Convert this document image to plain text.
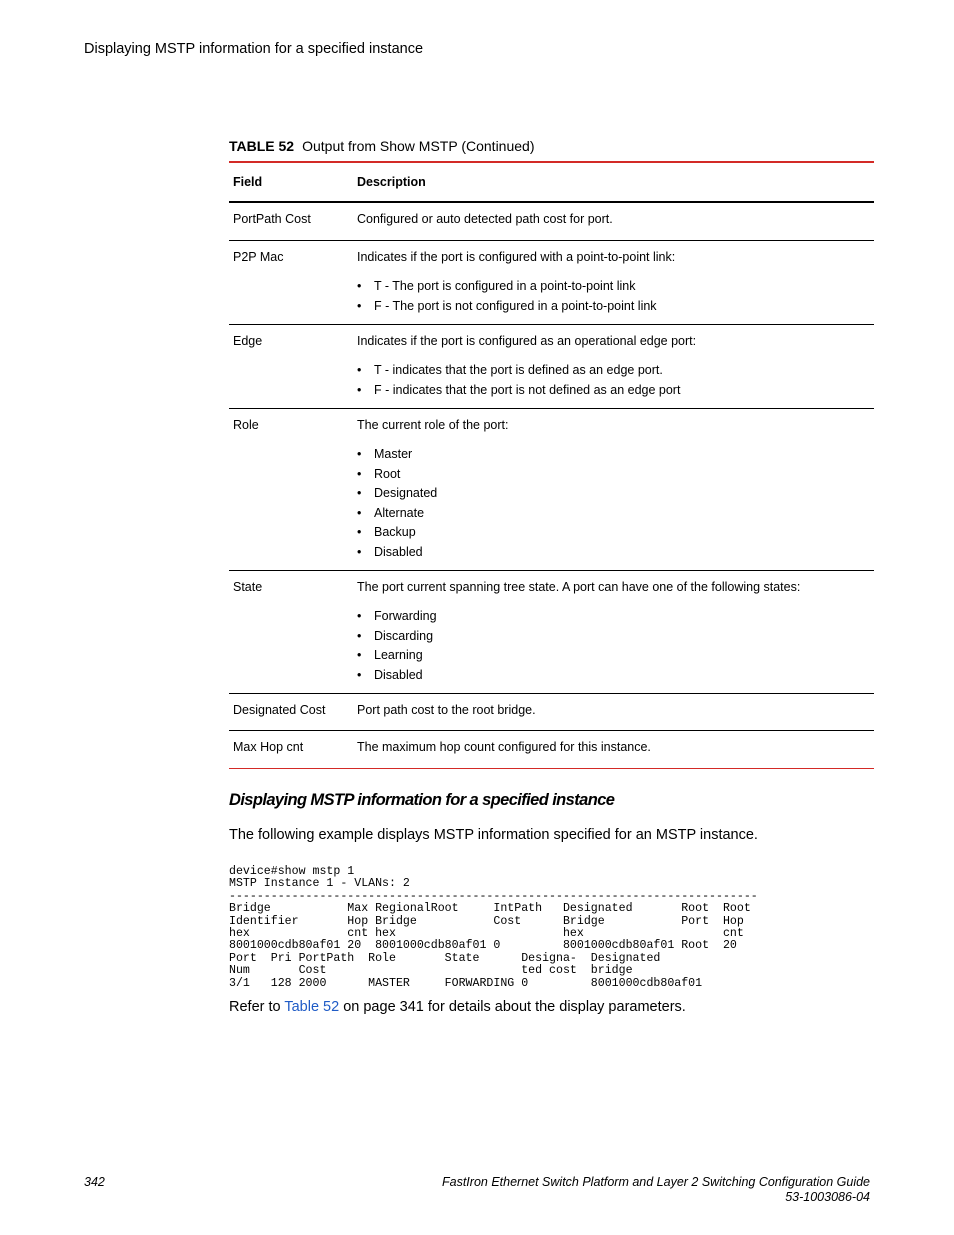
Displaying MSTP information for a specified instance
TABLE 52 Output from Show MSTP (Continued)
Field	Description
PortPath Cost	Configured or auto detected path cost for port.
P2P Mac	Indicates if the port is configured with a point-to-point link:
• T - The port is configured in a point-to-point link
• F - The port is not configured in a point-to-point link
Edge	Indicates if the port is configured as an operational edge port:
• T - indicates that the port is defined as an edge port.
• F - indicates that the port is not defined as an edge port
Role	The current role of the port:
• Master
• Root
• Designated
• Alternate
• Backup
• Disabled
State	The port current spanning tree state. A port can have one of the following states:
• Forwarding
• Discarding
• Learning
• Disabled
Designated Cost	Port path cost to the root bridge.
Max Hop cnt	The maximum hop count configured for this instance.
Displaying MSTP information for a specified instance
The following example displays MSTP information specified for an MSTP instance.
device#show mstp 1
MSTP Instance 1 - VLANs: 2
----------------------------------------------------------------------------
Bridge           Max RegionalRoot     IntPath   Designated       Root  Root
Identifier       Hop Bridge           Cost      Bridge           Port  Hop
hex              cnt hex                        hex                    cnt
8001000cdb80af01 20  8001000cdb80af01 0         8001000cdb80af01 Root  20
Port  Pri PortPath  Role       State      Designa-  Designated
Num       Cost                            ted cost  bridge
3/1   128 2000      MASTER     FORWARDING 0         8001000cdb80af01
Refer to Table 52 on page 341 for details about the display parameters.
342	FastIron Ethernet Switch Platform and Layer 2 Switching Configuration Guide
53-1003086-04
